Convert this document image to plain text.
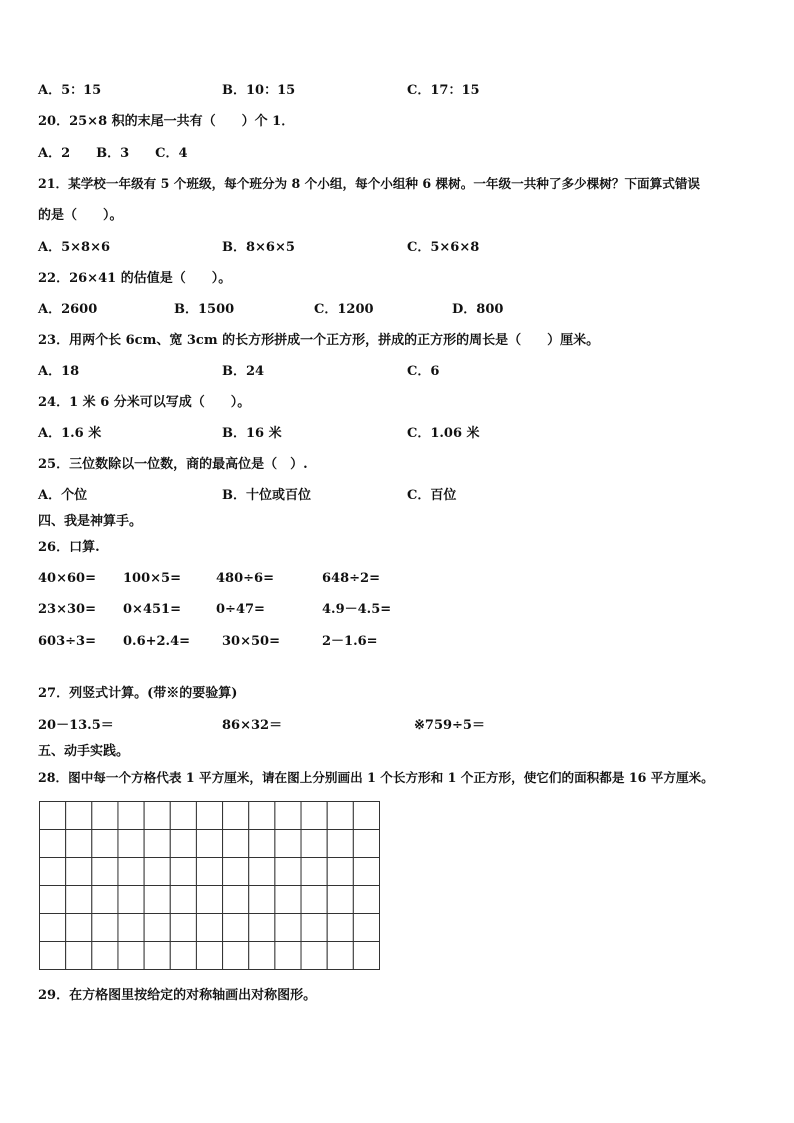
A．5：15	B．10：15	C．17：15
20．25×8 积的末尾一共有（　　）个 1．
A．2　　B．3　　C．4
21．某学校一年级有 5 个班级，每个班分为 8 个小组，每个小组种 6 棵树。一年级一共种了多少棵树？下面算式错误
的是（　　）。
A．5×8×6	B．8×6×5	C．5×6×8
22．26×41 的估值是（　　）。
A．2600	B．1500	C．1200	D．800
23．用两个长 6cm、宽 3cm 的长方形拼成一个正方形，拼成的正方形的周长是（　　）厘米。
A．18	B．24	C．6
24．1 米 6 分米可以写成（　　）。
A．1.6 米	B．16 米	C．1.06 米
25．三位数除以一位数，商的最高位是（　）.
A．个位	B．十位或百位	C．百位
四、我是神算手。
26．口算.
40×60= 100×5=	480÷6=	648÷2=
23×30= 0×451=	0÷47=	4.9－4.5=
603÷3= 0.6+2.4= 30×50=	2－1.6=
27．列竖式计算。(带※的要验算)
20－13.5＝	86×32＝	※759÷5＝
五、动手实践。
28．图中每一个方格代表 1 平方厘米，请在图上分别画出 1 个长方形和 1 个正方形，使它们的面积都是 16 平方厘米。
29．在方格图里按给定的对称轴画出对称图形。
